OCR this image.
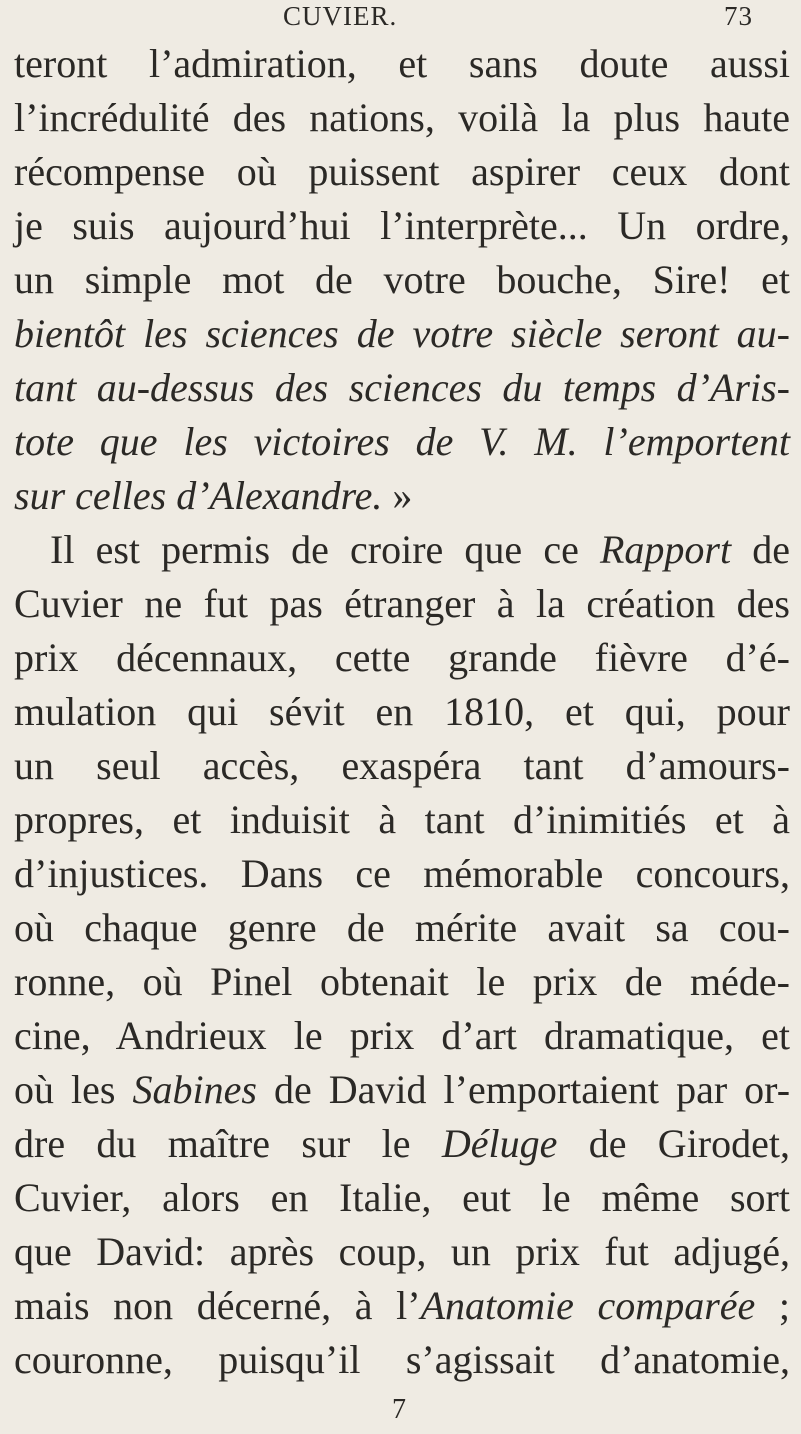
CUVIER.	73
teront l’admiration, et sans doute aussi
l’incrédulité des nations, voilà la plus haute
récompense où puissent aspirer ceux dont
je suis aujourd’hui l’interprète... Un ordre,
un simple mot de votre bouche, Sire! et
bientôt les sciences de votre siècle seront au-
tant au-dessus des sciences du temps d’Aris-
tote que les victoires de V. M. l’emportent
sur celles d’Alexandre. »
Il est permis de croire que ce Rapport de
Cuvier ne fut pas étranger à la création des
prix décennaux, cette grande fièvre d’é-
mulation qui sévit en 1810, et qui, pour
un seul accès, exaspéra tant d’amours-
propres, et induisit à tant d’inimitiés et à
d’injustices. Dans ce mémorable concours,
où chaque genre de mérite avait sa cou-
ronne, où Pinel obtenait le prix de méde-
cine, Andrieux le prix d’art dramatique, et
où les Sabines de David l’emportaient par or-
dre du maître sur le Déluge de Girodet,
Cuvier, alors en Italie, eut le même sort
que David: après coup, un prix fut adjugé,
mais non décerné, à l’Anatomie comparée ;
couronne, puisqu’il s’agissait d’anatomie,
7
